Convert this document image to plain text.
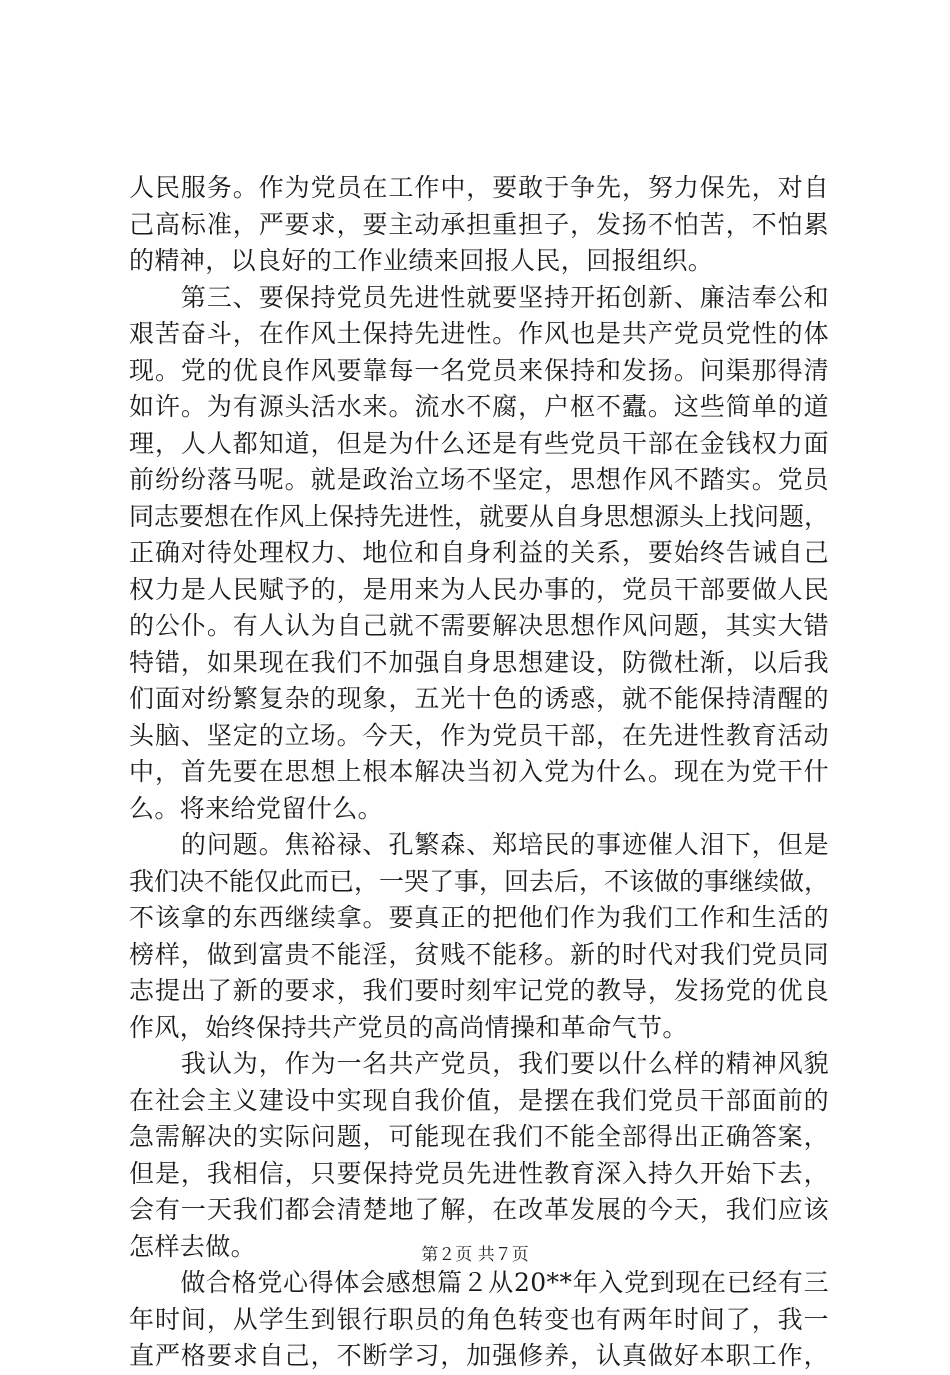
人民服务。作为党员在工作中，要敢于争先，努力保先，对自
己高标准，严要求，要主动承担重担子，发扬不怕苦，不怕累
的精神，以良好的工作业绩来回报人民，回报组织。
　　第三、要保持党员先进性就要坚持开拓创新、廉洁奉公和
艰苦奋斗，在作风土保持先进性。作风也是共产党员党性的体
现。党的优良作风要靠每一名党员来保持和发扬。问渠那得清
如许。为有源头活水来。流水不腐，户枢不蠹。这些简单的道
理，人人都知道，但是为什么还是有些党员干部在金钱权力面
前纷纷落马呢。就是政治立场不坚定，思想作风不踏实。党员
同志要想在作风上保持先进性，就要从自身思想源头上找问题，
正确对待处理权力、地位和自身利益的关系，要始终告诫自己
权力是人民赋予的，是用来为人民办事的，党员干部要做人民
的公仆。有人认为自己就不需要解决思想作风问题，其实大错
特错，如果现在我们不加强自身思想建设，防微杜渐，以后我
们面对纷繁复杂的现象，五光十色的诱惑，就不能保持清醒的
头脑、坚定的立场。今天，作为党员干部，在先进性教育活动
中，首先要在思想上根本解决当初入党为什么。现在为党干什
么。将来给党留什么。
　　的问题。焦裕禄、孔繁森、郑培民的事迹催人泪下，但是
我们决不能仅此而已，一哭了事，回去后，不该做的事继续做，
不该拿的东西继续拿。要真正的把他们作为我们工作和生活的
榜样，做到富贵不能淫，贫贱不能移。新的时代对我们党员同
志提出了新的要求，我们要时刻牢记党的教导，发扬党的优良
作风，始终保持共产党员的高尚情操和革命气节。
　　我认为，作为一名共产党员，我们要以什么样的精神风貌
在社会主义建设中实现自我价值，是摆在我们党员干部面前的
急需解决的实际问题，可能现在我们不能全部得出正确答案，
但是，我相信，只要保持党员先进性教育深入持久开始下去，
会有一天我们都会清楚地了解，在改革发展的今天，我们应该
怎样去做。
　　做合格党心得体会感想篇２从20**年入党到现在已经有三
年时间，从学生到银行职员的角色转变也有两年时间了，我一
直严格要求自己，不断学习，加强修养，认真做好本职工作，
第２页 共７页
